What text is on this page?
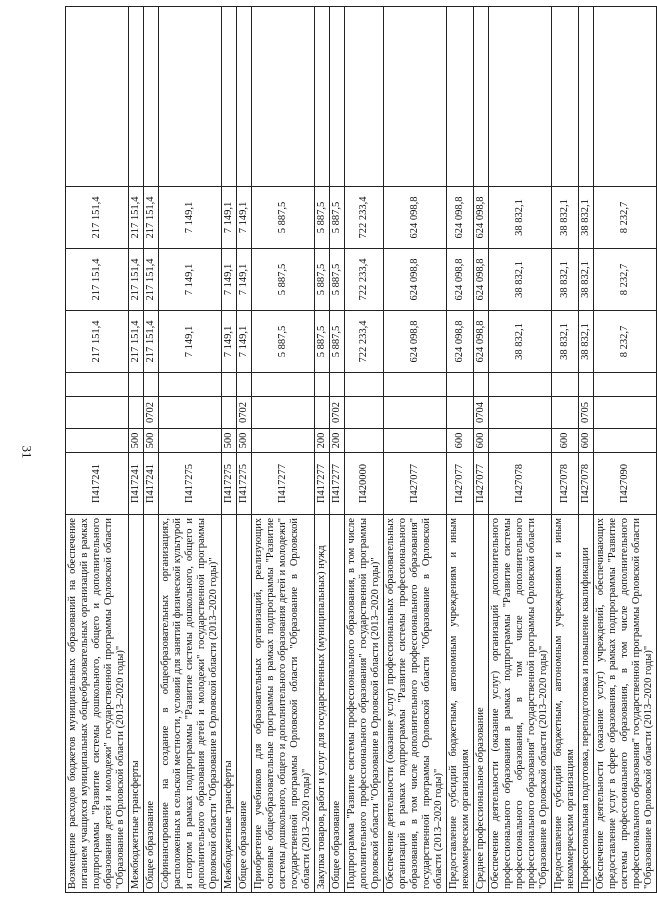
31
Возмещение расходов бюджетов муниципальных образований на обеспечение питанием учащихся муниципальных общеобразовательных организаций в рамках подпрограммы "Развитие системы дошкольного, общего и дополнительного образования детей и молодежи" государственной программы Орловской области "Образование в Орловской области (2013–2020 годы)"	П417241				217 151,4	217 151,4	217 151,4	
Межбюджетные трансферты	П417241	500			217 151,4	217 151,4	217 151,4	
Общее образование	П417241	500	0702		217 151,4	217 151,4	217 151,4	
Софинансирование на создание в общеобразовательных организациях, расположенных в сельской местности, условий для занятий физической культурой и спортом в рамках подпрограммы "Развитие системы дошкольного, общего и дополнительного образования детей и молодежи" государственной программы Орловской области "Образование в Орловской области (2013–2020 годы)"	П417275				7 149,1	7 149,1	7 149,1	
Межбюджетные трансферты	П417275	500			7 149,1	7 149,1	7 149,1	
Общее образование	П417275	500	0702		7 149,1	7 149,1	7 149,1	
Приобретение учебников для образовательных организаций, реализующих основные общеобразовательные программы в рамках подпрограммы "Развитие системы дошкольного, общего и дополнительного образования детей и молодежи" государственной программы Орловской области "Образование в Орловской области (2013–2020 годы)"	П417277				5 887,5	5 887,5	5 887,5	
Закупка товаров, работ и услуг для государственных (муниципальных) нужд	П417277	200			5 887,5	5 887,5	5 887,5	
Общее образование	П417277	200	0702		5 887,5	5 887,5	5 887,5	
Подпрограмма "Развитие системы профессионального образования, в том числе дополнительного профессионального образования" государственной программы Орловской области "Образование в Орловской области (2013–2020 годы)"	П420000				722 233,4	722 233,4	722 233,4	
Обеспечение деятельности (оказание услуг) профессиональных образовательных организаций в рамках подпрограммы "Развитие системы профессионального образования, в том числе дополнительного профессионального образования" государственной программы Орловской области "Образование в Орловской области (2013–2020 годы)"	П427077				624 098,8	624 098,8	624 098,8	
Предоставление субсидий бюджетным, автономным учреждениям и иным некоммерческим организациям	П427077	600			624 098,8	624 098,8	624 098,8	
Среднее профессиональное образование	П427077	600	0704		624 098,8	624 098,8	624 098,8	
Обеспечение деятельности (оказание услуг) организаций дополнительного профессионального образования в рамках подпрограммы "Развитие системы профессионального образования, в том числе дополнительного профессионального образования" государственной программы Орловской области "Образование в Орловской области (2013–2020 годы)"	П427078				38 832,1	38 832,1	38 832,1	
Предоставление субсидий бюджетным, автономным учреждениям и иным некоммерческим организациям	П427078	600			38 832,1	38 832,1	38 832,1	
Профессиональная подготовка, переподготовка и повышение квалификации	П427078	600	0705		38 832,1	38 832,1	38 832,1	
Обеспечение деятельности (оказание услуг) учреждений, обеспечивающих предоставление услуг в сфере образования, в рамках подпрограммы "Развитие системы профессионального образования, в том числе дополнительного профессионального образования" государственной программы Орловской области "Образование в Орловской области (2013–2020 годы)"	П427090				8 232,7	8 232,7	8 232,7	
